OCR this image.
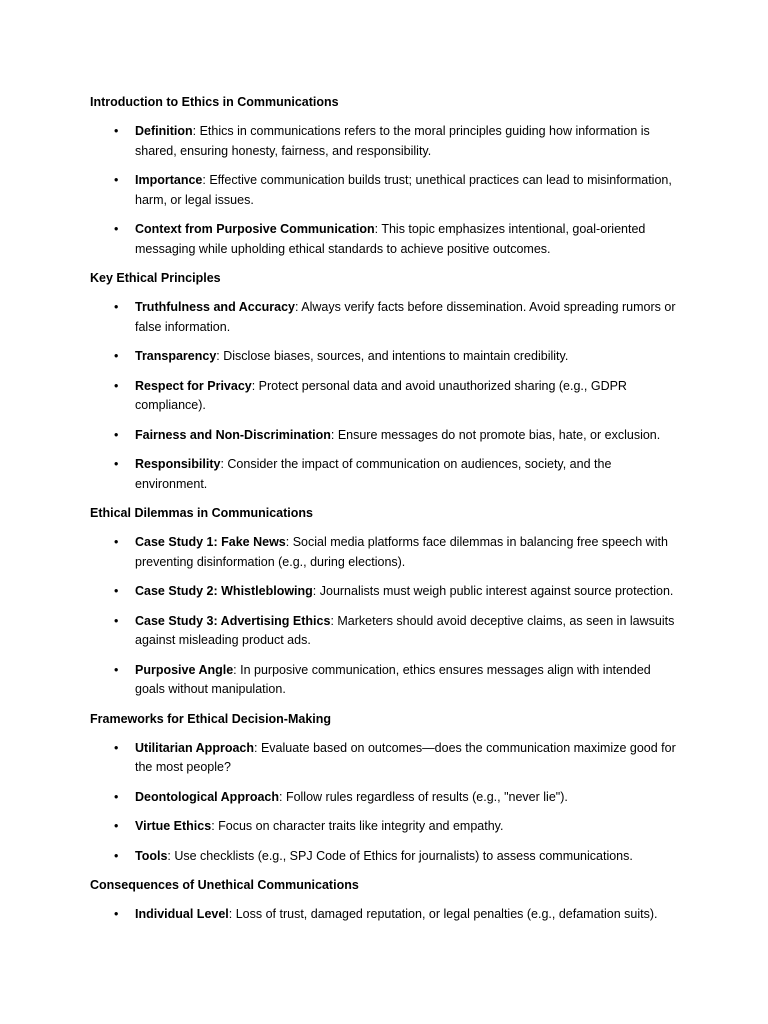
Introduction to Ethics in Communications
• Definition: Ethics in communications refers to the moral principles guiding how information is shared, ensuring honesty, fairness, and responsibility.
• Importance: Effective communication builds trust; unethical practices can lead to misinformation, harm, or legal issues.
• Context from Purposive Communication: This topic emphasizes intentional, goal-oriented messaging while upholding ethical standards to achieve positive outcomes.
Key Ethical Principles
• Truthfulness and Accuracy: Always verify facts before dissemination. Avoid spreading rumors or false information.
• Transparency: Disclose biases, sources, and intentions to maintain credibility.
• Respect for Privacy: Protect personal data and avoid unauthorized sharing (e.g., GDPR compliance).
• Fairness and Non-Discrimination: Ensure messages do not promote bias, hate, or exclusion.
• Responsibility: Consider the impact of communication on audiences, society, and the environment.
Ethical Dilemmas in Communications
• Case Study 1: Fake News: Social media platforms face dilemmas in balancing free speech with preventing disinformation (e.g., during elections).
• Case Study 2: Whistleblowing: Journalists must weigh public interest against source protection.
• Case Study 3: Advertising Ethics: Marketers should avoid deceptive claims, as seen in lawsuits against misleading product ads.
• Purposive Angle: In purposive communication, ethics ensures messages align with intended goals without manipulation.
Frameworks for Ethical Decision-Making
• Utilitarian Approach: Evaluate based on outcomes—does the communication maximize good for the most people?
• Deontological Approach: Follow rules regardless of results (e.g., "never lie").
• Virtue Ethics: Focus on character traits like integrity and empathy.
• Tools: Use checklists (e.g., SPJ Code of Ethics for journalists) to assess communications.
Consequences of Unethical Communications
• Individual Level: Loss of trust, damaged reputation, or legal penalties (e.g., defamation suits).
